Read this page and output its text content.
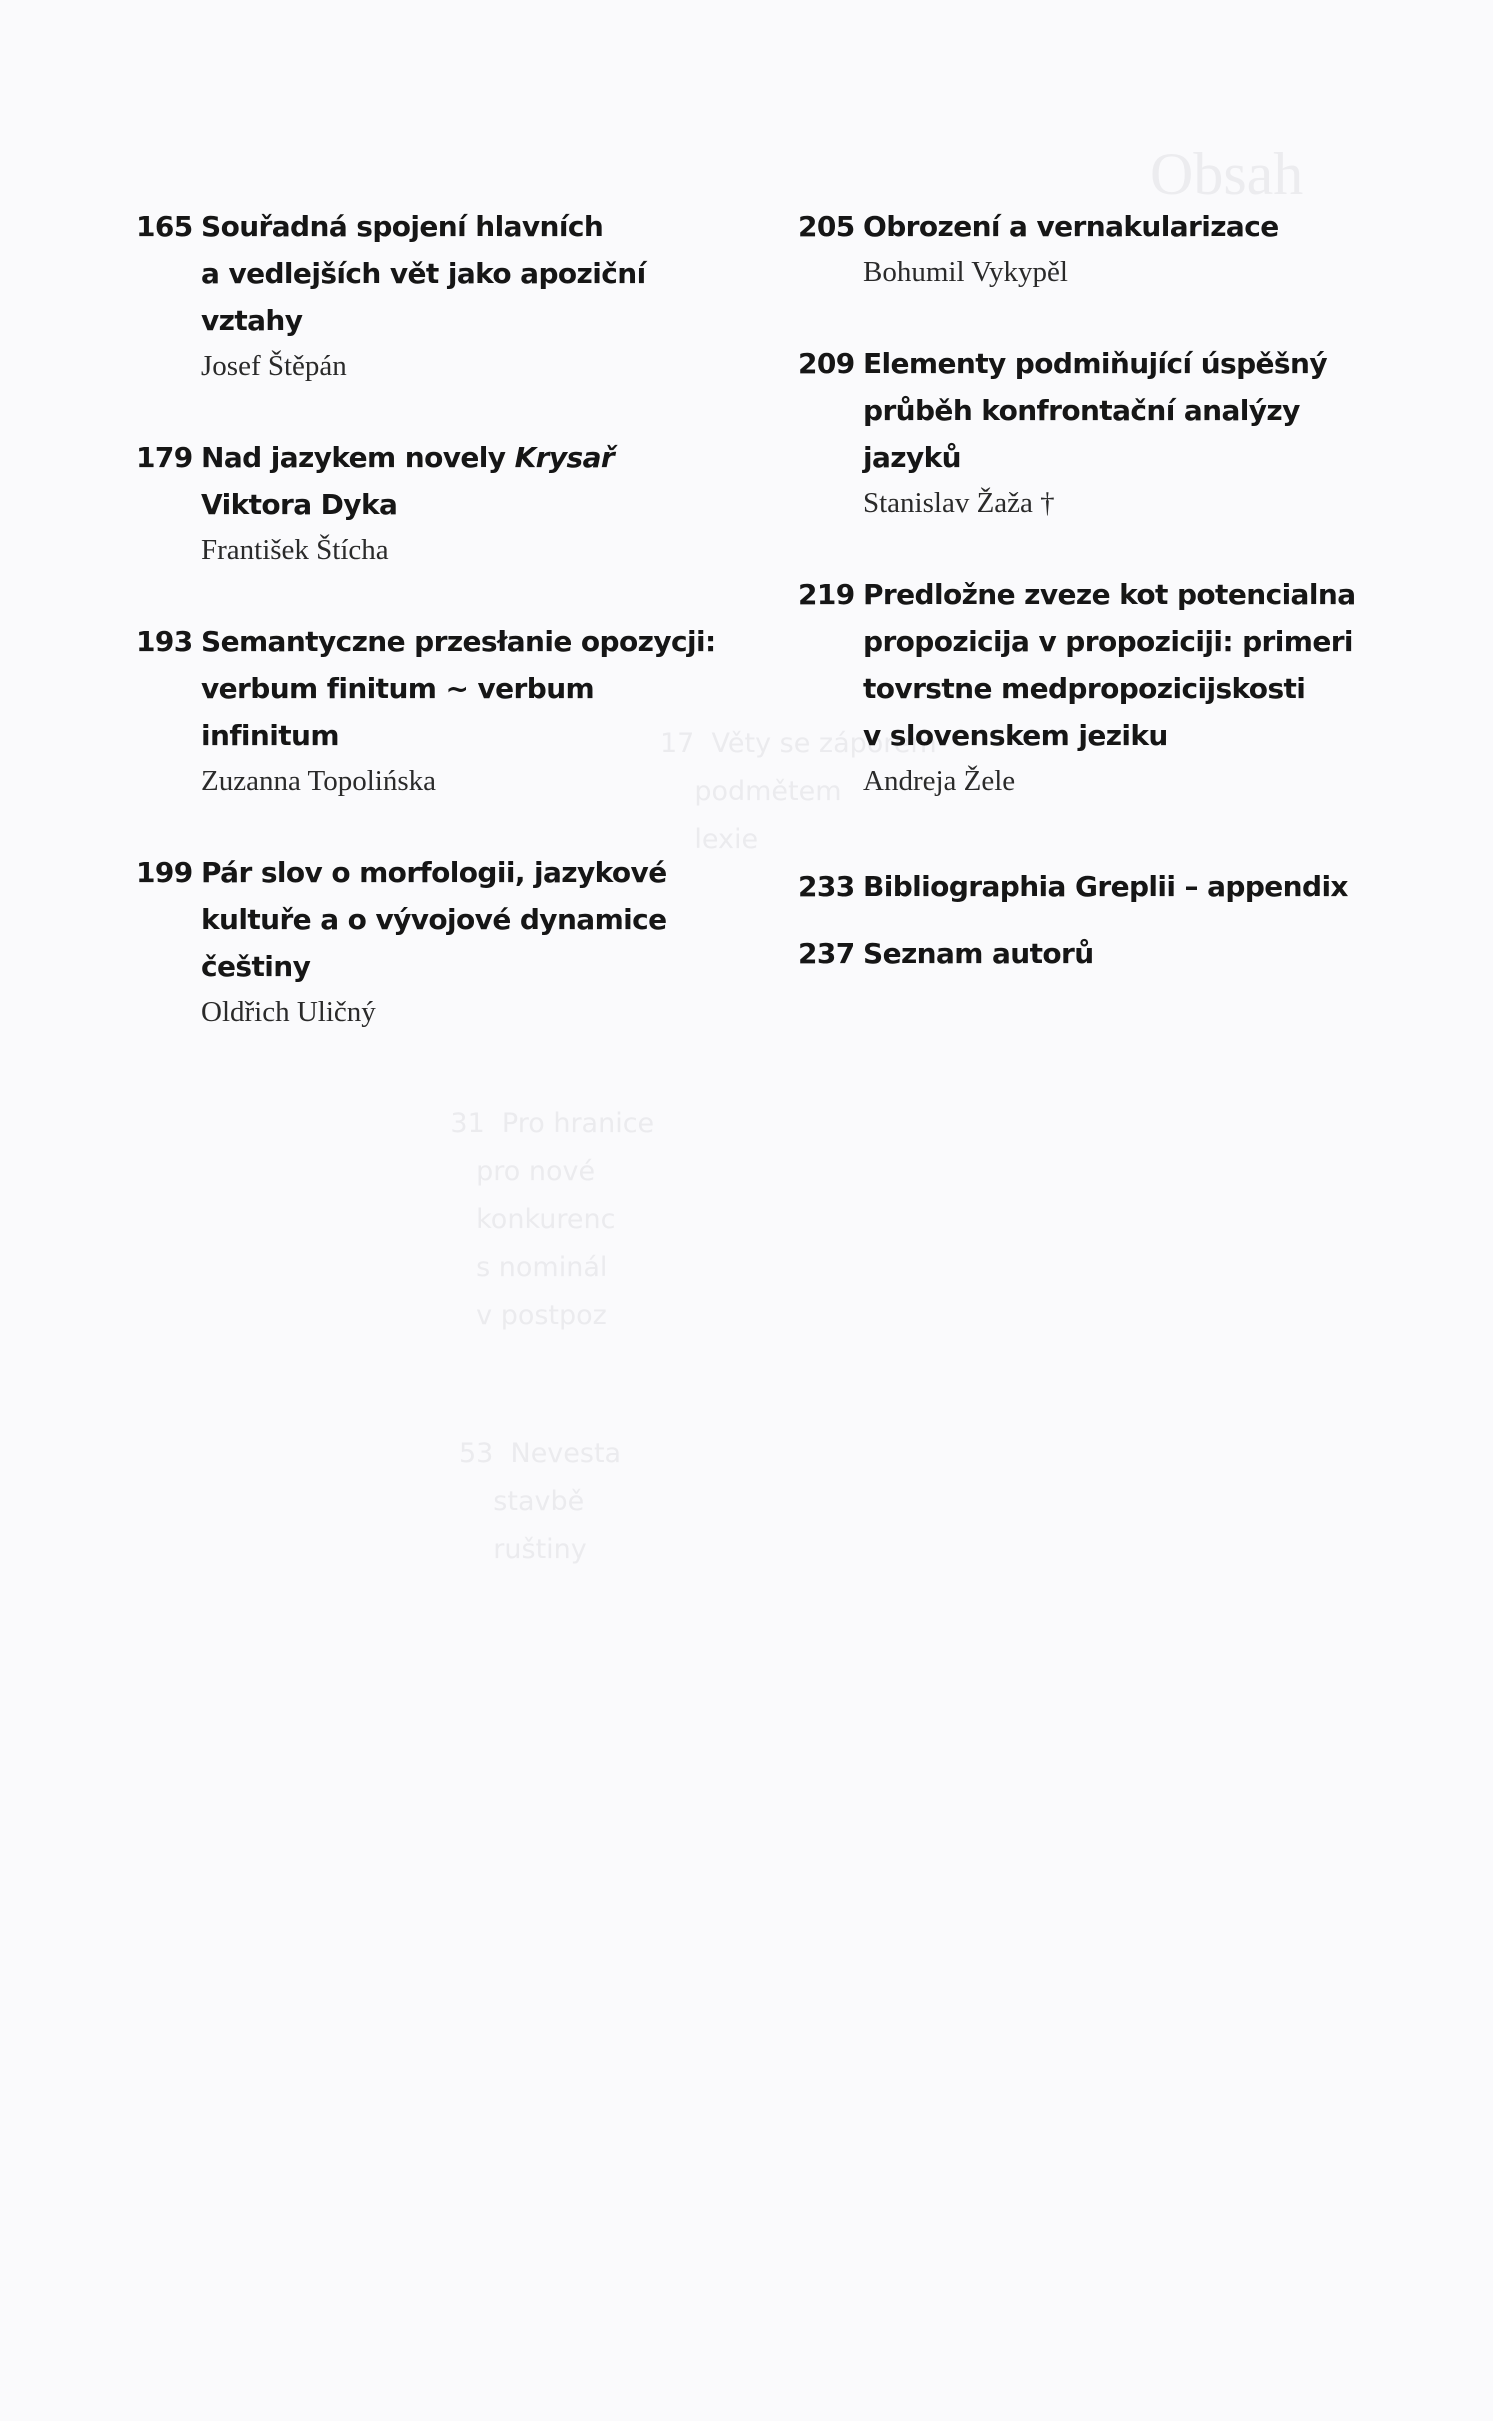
Obsah
17  Věty se záporem
podmětem
lexie
31  Pro hranice
pro nové
konkurenc
s nominál
v postpoz
53  Nevesta
stavbě
ruštiny
165 Souřadná spojení hlavních
a vedlejších vět jako apoziční
vztahy
Josef Štěpán
179 Nad jazykem novely Krysař
Viktora Dyka
František Štícha
193 Semantyczne przesłanie opozycji:
verbum finitum ~ verbum
infinitum
Zuzanna Topolińska
199 Pár slov o morfologii, jazykové
kultuře a o vývojové dynamice
češtiny
Oldřich Uličný
205 Obrození a vernakularizace
Bohumil Vykypěl
209 Elementy podmiňující úspěšný
průběh konfrontační analýzy
jazyků
Stanislav Žaža †
219 Predložne zveze kot potencialna
propozicija v propoziciji: primeri
tovrstne medpropozicijskosti
v slovenskem jeziku
Andreja Žele
233 Bibliographia Greplii – appendix
237 Seznam autorů
